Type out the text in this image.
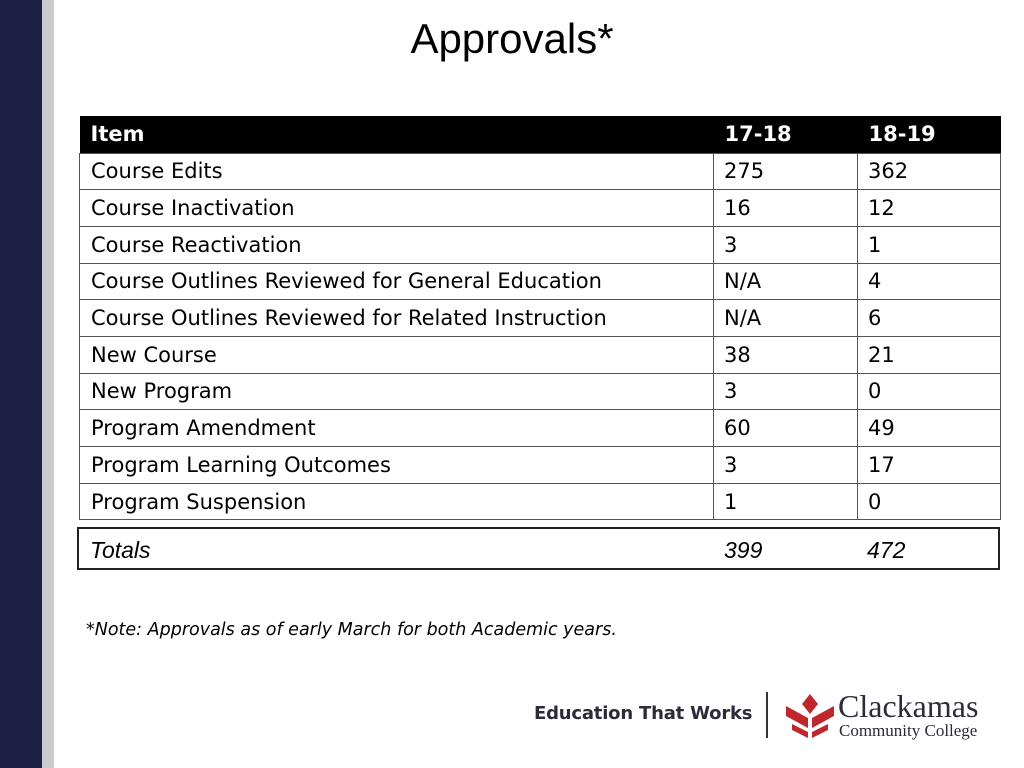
Approvals*
Item	17-18	18-19
Course Edits	275	362
Course Inactivation	16	12
Course Reactivation	3	1
Course Outlines Reviewed for General Education	N/A	4
Course Outlines Reviewed for Related Instruction	N/A	6
New Course	38	21
New Program	3	0
Program Amendment	60	49
Program Learning Outcomes	3	17
Program Suspension	1	0
Totals	399	472
*Note: Approvals as of early March for both Academic years.
Education That Works	Clackamas
Community College
